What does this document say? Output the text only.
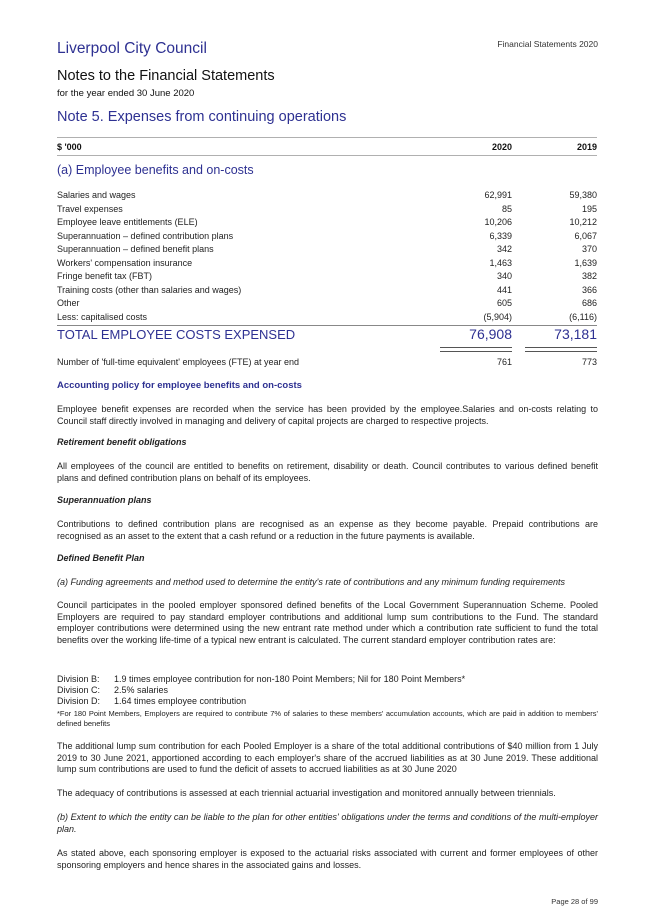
Liverpool City Council	Financial Statements 2020
Notes to the Financial Statements
for the year ended 30 June 2020
Note 5. Expenses from continuing operations
$ '000	2020	2019
(a) Employee benefits and on-costs
Salaries and wages	62,991	59,380
Travel expenses	85	195
Employee leave entitlements (ELE)	10,206	10,212
Superannuation – defined contribution plans	6,339	6,067
Superannuation – defined benefit plans	342	370
Workers' compensation insurance	1,463	1,639
Fringe benefit tax (FBT)	340	382
Training costs (other than salaries and wages)	441	366
Other	605	686
Less: capitalised costs	(5,904)	(6,116)
TOTAL EMPLOYEE COSTS EXPENSED	76,908	73,181
Number of 'full-time equivalent' employees (FTE) at year end	761	773
Accounting policy for employee benefits and on-costs

Employee benefit expenses are recorded when the service has been provided by the employee.Salaries and on-costs relating to Council staff directly involved in managing and delivery of capital projects are charged to respective projects.

Retirement benefit obligations

All employees of the council are entitled to benefits on retirement, disability or death. Council contributes to various defined benefit plans and defined contribution plans on behalf of its employees.

Superannuation plans

Contributions to defined contribution plans are recognised as an expense as they become payable. Prepaid contributions are recognised as an asset to the extent that a cash refund or a reduction in the future payments is available.

Defined Benefit Plan

(a) Funding agreements and method used to determine the entity's rate of contributions and any minimum funding requirements

Council participates in the pooled employer sponsored defined benefits of the Local Government Superannuation Scheme. Pooled Employers are required to pay standard employer contributions and additional lump sum contributions to the Fund. The standard employer contributions were determined using the new entrant rate method under which a contribution rate sufficient to fund the total benefits over the working life-time of a typical new entrant is calculated. The current standard employer contribution rates are:

Division B: 1.9 times employee contribution for non-180 Point Members; Nil for 180 Point Members*
Division C: 2.5% salaries
Division D: 1.64 times employee contribution

*For 180 Point Members, Employers are required to contribute 7% of salaries to these members' accumulation accounts, which are paid in addition to members' defined benefits

The additional lump sum contribution for each Pooled Employer is a share of the total additional contributions of $40 million from 1 July 2019 to 30 June 2021, apportioned according to each employer's share of the accrued liabilities as at 30 June 2019. These additional lump sum contributions are used to fund the deficit of assets to accrued liabilities as at 30 June 2020

The adequacy of contributions is assessed at each triennial actuarial investigation and monitored annually between triennials.

(b) Extent to which the entity can be liable to the plan for other entities' obligations under the terms and conditions of the multi-employer plan.

As stated above, each sponsoring employer is exposed to the actuarial risks associated with current and former employees of other sponsoring employers and hence shares in the associated gains and losses.

Page 28 of 99
